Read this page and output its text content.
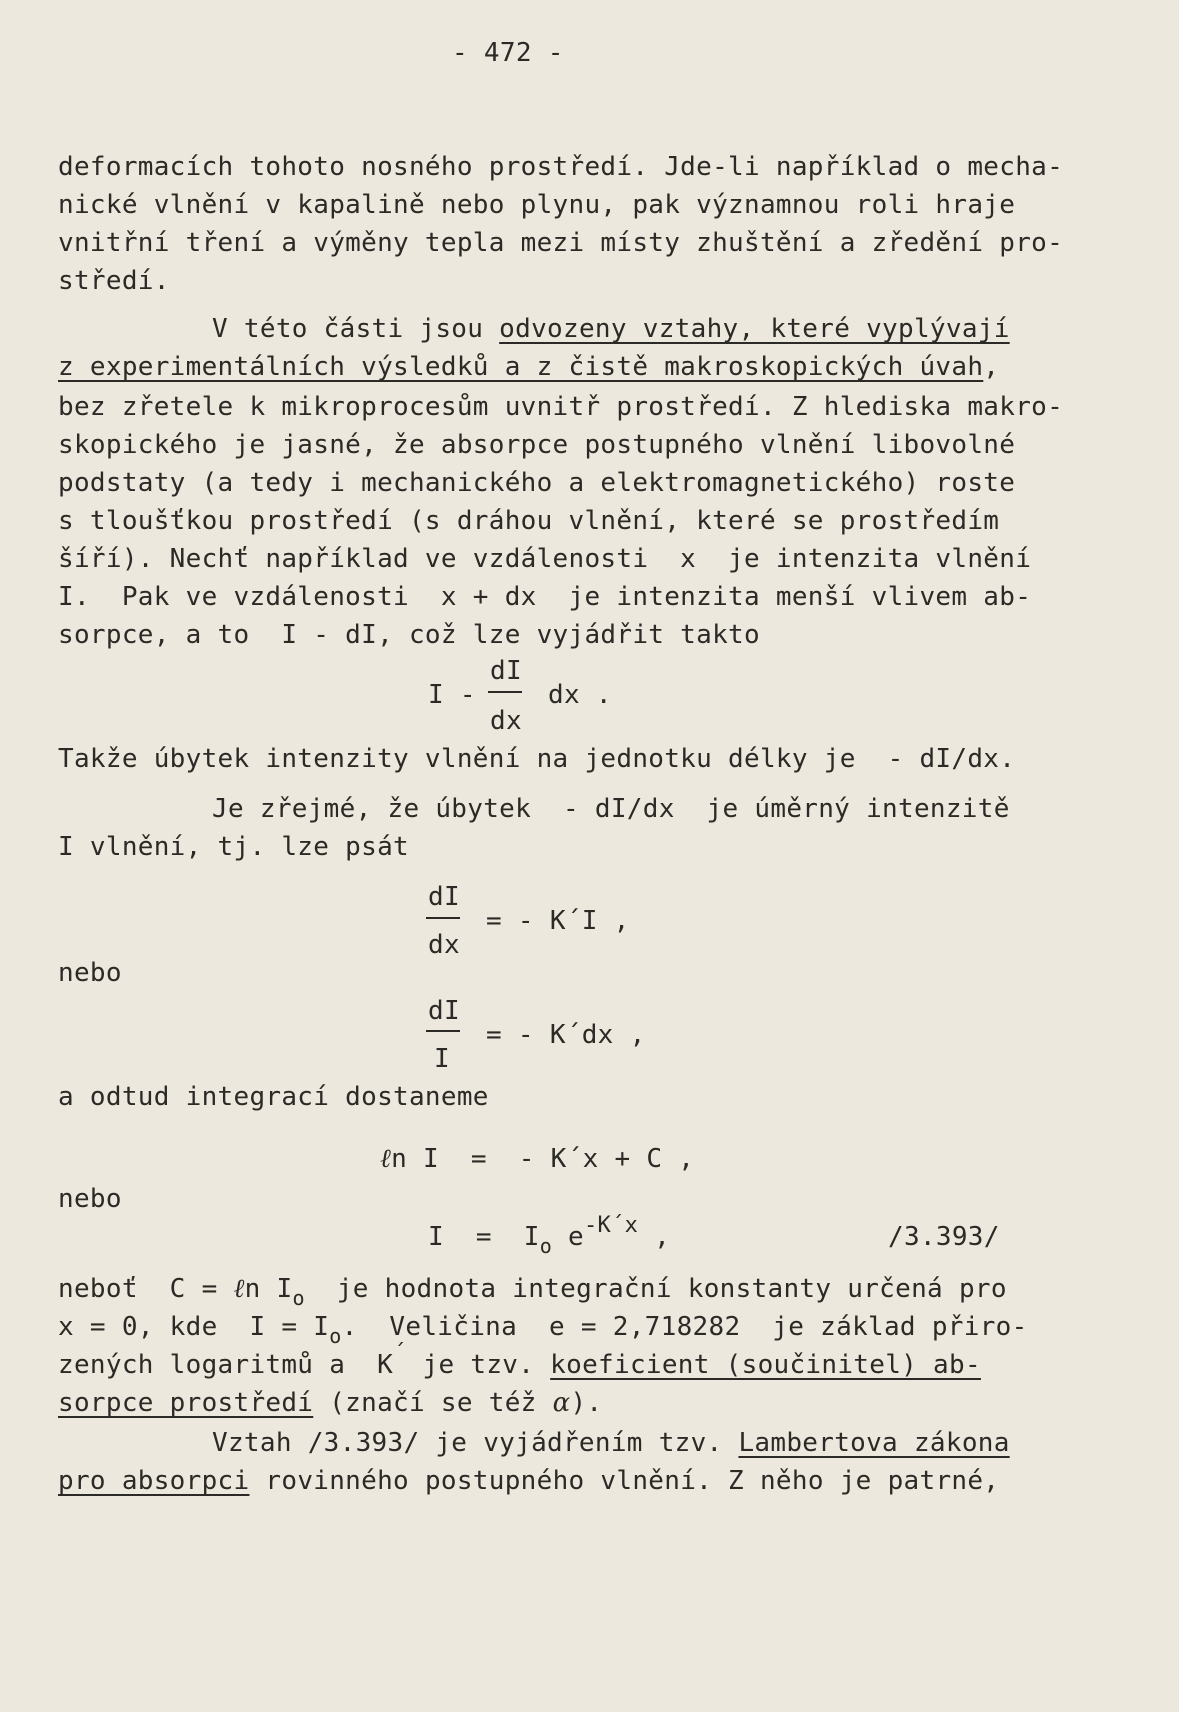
- 472 -
deformacích tohoto nosného prostředí. Jde-li například o mecha-
nické vlnění v kapalině nebo plynu, pak významnou roli hraje
vnitřní tření a výměny tepla mezi místy zhuštění a zředění pro-
středí.
V této části jsou odvozeny vztahy, které vyplývají
z experimentálních výsledků a z čistě makroskopických úvah,
bez zřetele k mikroprocesům uvnitř prostředí. Z hlediska makro-
skopického je jasné, že absorpce postupného vlnění libovolné
podstaty (a tedy i mechanického a elektromagnetického) roste
s tloušťkou prostředí (s dráhou vlnění, které se prostředím
šíří). Nechť například ve vzdálenosti  x  je intenzita vlnění
I.  Pak ve vzdálenosti  x + dx  je intenzita menší vlivem ab-
sorpce, a to  I - dI, což lze vyjádřit takto
I -
dI
dx
dx .
Takže úbytek intenzity vlnění na jednotku délky je  - dI/dx.
Je zřejmé, že úbytek  - dI/dx  je úměrný intenzitě
I vlnění, tj. lze psát
dI
dx
= - K´I ,
nebo
dI
I
= - K´dx ,
a odtud integrací dostaneme
ℓn I  =  - K´x + C ,
nebo
$I = I_o$ $e^{-K´x}$ ,	/3.393/
neboť  C = ℓn $I_o$  je hodnota integrační konstanty určená pro
x = 0, kde  $I = I_o$.  Veličina  e = 2,718282  je základ přiro-
zených logaritmů a  K´ je tzv. koeficient (součinitel) ab-
sorpce prostředí (značí se též α).
Vztah /3.393/ je vyjádřením tzv. Lambertova zákona
pro absorpci rovinného postupného vlnění. Z něho je patrné,
